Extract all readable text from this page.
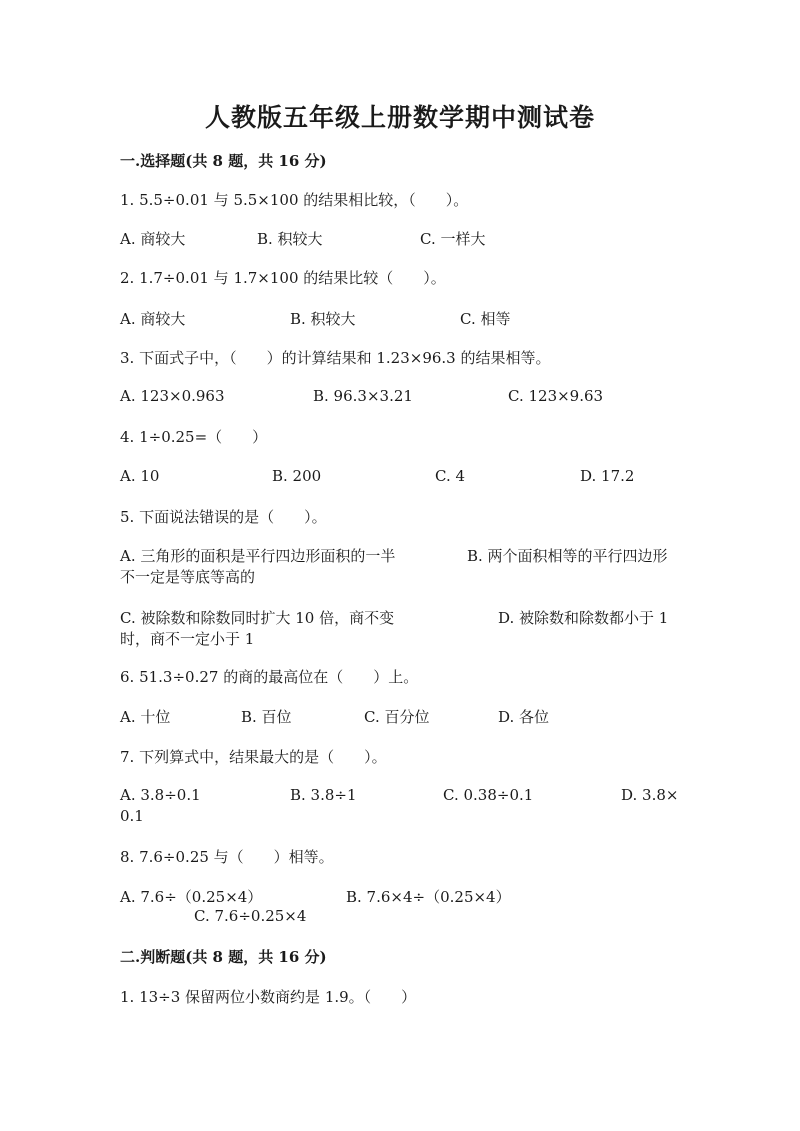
人教版五年级上册数学期中测试卷
一.选择题(共 8 题，共 16 分)
1. 5.5÷0.01 与 5.5×100 的结果相比较，（　　）。
A. 商较大	B. 积较大	C. 一样大
2. 1.7÷0.01 与 1.7×100 的结果比较（　　）。
A. 商较大	B. 积较大	C. 相等
3. 下面式子中，（　　）的计算结果和 1.23×96.3 的结果相等。
A. 123×0.963	B. 96.3×3.21	C. 123×9.63
4. 1÷0.25=（　　）
A. 10	B. 200	C. 4	D. 17.2
5. 下面说法错误的是（　　）。
A. 三角形的面积是平行四边形面积的一半	B. 两个面积相等的平行四边形
不一定是等底等高的
C. 被除数和除数同时扩大 10 倍，商不变	D. 被除数和除数都小于 1
时，商不一定小于 1
6. 51.3÷0.27 的商的最高位在（　　）上。
A. 十位	B. 百位	C. 百分位	D. 各位
7. 下列算式中，结果最大的是（　　）。
A. 3.8÷0.1	B. 3.8÷1	C. 0.38÷0.1	D. 3.8×
0.1
8. 7.6÷0.25 与（　　）相等。
A. 7.6÷（0.25×4）	B. 7.6×4÷（0.25×4）
C. 7.6÷0.25×4
二.判断题(共 8 题，共 16 分)
1. 13÷3 保留两位小数商约是 1.9。（　　）
